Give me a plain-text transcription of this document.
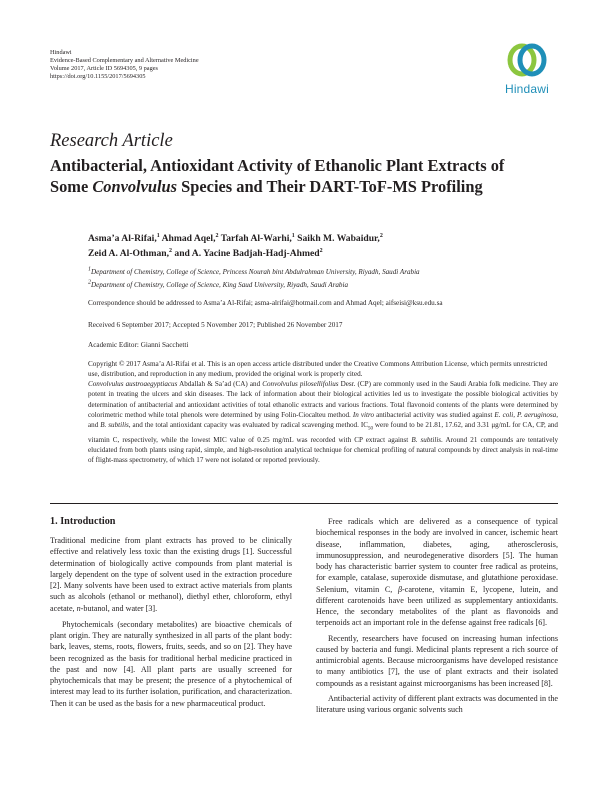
Hindawi
Evidence-Based Complementary and Alternative Medicine
Volume 2017, Article ID 5694305, 9 pages
https://doi.org/10.1155/2017/5694305
Hindawi
Research Article
Antibacterial, Antioxidant Activity of Ethanolic Plant Extracts of
Some Convolvulus Species and Their DART-ToF-MS Profiling
Asma’a Al-Rifai,$^1$ Ahmad Aqel,$^2$ Tarfah Al-Warhi,$^1$ Saikh M. Wabaidur,$^2$
Zeid A. Al-Othman,$^2$ and A. Yacine Badjah-Hadj-Ahmed$^2$
$^1$Department of Chemistry, College of Science, Princess Nourah bint Abdulrahman University, Riyadh, Saudi Arabia
$^2$Department of Chemistry, College of Science, King Saud University, Riyadh, Saudi Arabia
Correspondence should be addressed to Asma’a Al-Rifai; asma-alrifai@hotmail.com and Ahmad Aqel; aifseisi@ksu.edu.sa
Received 6 September 2017; Accepted 5 November 2017; Published 26 November 2017
Academic Editor: Gianni Sacchetti
Copyright © 2017 Asma’a Al-Rifai et al. This is an open access article distributed under the Creative Commons Attribution License, which permits unrestricted use, distribution, and reproduction in any medium, provided the original work is properly cited.
Convolvulus austroaegyptiacus Abdallah & Sa’ad (CA) and Convolvulus pilosellifolius Desr. (CP) are commonly used in the Saudi Arabia folk medicine. They are potent in treating the ulcers and skin diseases. The lack of information about their biological activities led us to investigate the possible biological activities by determination of antibacterial and antioxidant activities of total ethanolic extracts and various fractions. Total flavonoid contents of the plants were determined by colorimetric method while total phenols were determined by using Folin-Ciocalteu method. In vitro antibacterial activity was studied against E. coli, P. aeruginosa, and B. subtilis, and the total antioxidant capacity was evaluated by radical scavenging method. $IC_{50}$ were found to be 21.81, 17.62, and 3.31 μg/mL for CA, CP, and vitamin C, respectively, while the lowest MIC value of 0.25 mg/mL was recorded with CP extract against B. subtilis. Around 21 compounds are tentatively elucidated from both plants using rapid, simple, and high-resolution analytical technique for chemical profiling of natural compounds by direct analysis in real-time of flight-mass spectrometry, of which 17 were not isolated or reported previously.
1. Introduction

Traditional medicine from plant extracts has proved to be clinically effective and relatively less toxic than the existing drugs [1]. Successful determination of biologically active compounds from plant material is largely dependent on the type of solvent used in the extraction procedure [2]. Many solvents have been used to extract active materials from plants such as alcohols (ethanol or methanol), diethyl ether, chloroform, ethyl acetate, n-butanol, and water [3].

Phytochemicals (secondary metabolites) are bioactive chemicals of plant origin. They are naturally synthesized in all parts of the plant body: bark, leaves, stems, roots, flowers, fruits, seeds, and so on [2]. They have been recognized as the basis for traditional herbal medicine practiced in the past and now [4]. All plant parts are usually screened for phytochemicals that may be present; the presence of a phytochemical of interest may lead to its further isolation, purification, and characterization. Then it can be used as the basis for a new pharmaceutical product.

Free radicals which are delivered as a consequence of typical biochemical responses in the body are involved in cancer, ischemic heart disease, inflammation, diabetes, aging, atherosclerosis, immunosuppression, and neurodegenerative disorders [5]. The human body has characteristic barrier system to counter free radical as proteins, for example, catalase, superoxide dismutase, and glutathione peroxidase. Selenium, vitamin C, β-carotene, vitamin E, lycopene, lutein, and different carotenoids have been utilized as supplementary antioxidants. Hence, the secondary metabolites of the plant as flavonoids and terpenoids act an important role in the defense against free radicals [6].

Recently, researchers have focused on increasing human infections caused by bacteria and fungi. Medicinal plants represent a rich source of antimicrobial agents. Because microorganisms have developed resistance to many antibiotics [7], the use of plant extracts and their isolated compounds as a resistant against microorganisms has been increased [8].

Antibacterial activity of different plant extracts was documented in the literature using various organic solvents such
